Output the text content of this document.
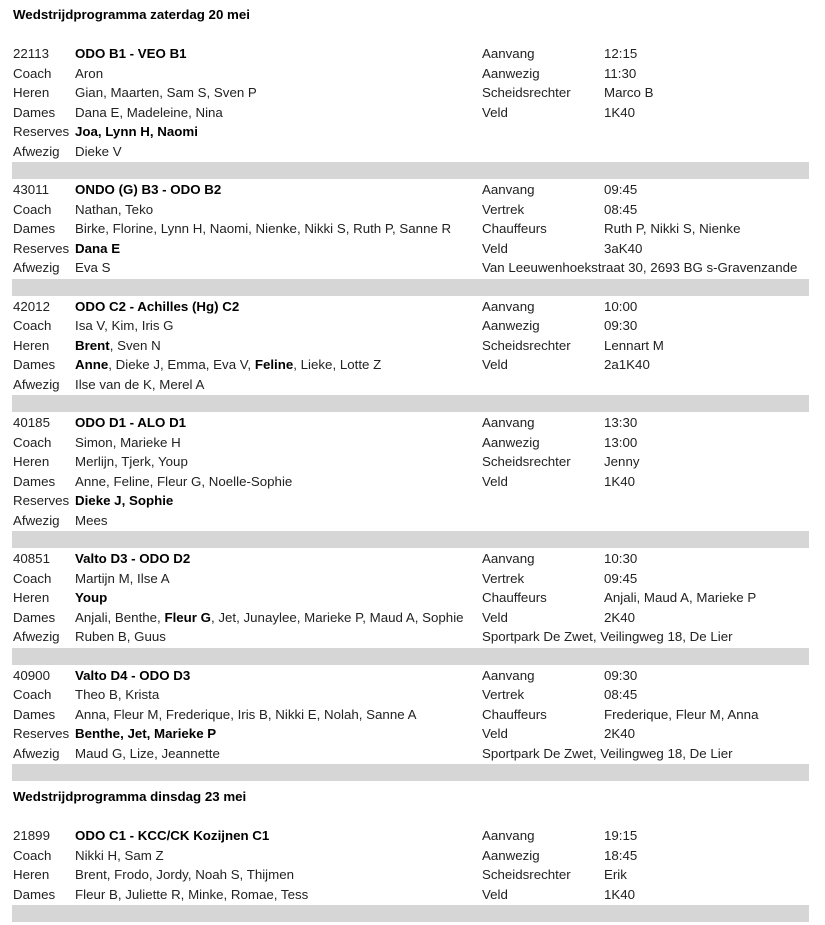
Wedstrijdprogramma zaterdag 20 mei
22113	ODO B1 - VEO B1	Aanvang	12:15
Coach	Aron	Aanwezig	11:30
Heren	Gian, Maarten, Sam S, Sven P	Scheidsrechter	Marco B
Dames	Dana E, Madeleine, Nina	Veld	1K40
Reserves	Joa, Lynn H, Naomi		
Afwezig	Dieke V		
43011	ONDO (G) B3 - ODO B2	Aanvang	09:45
Coach	Nathan, Teko	Vertrek	08:45
Dames	Birke, Florine, Lynn H, Naomi, Nienke, Nikki S, Ruth P, Sanne R	Chauffeurs	Ruth P, Nikki S, Nienke
Reserves	Dana E	Veld	3aK40
Afwezig	Eva S	Van Leeuwenhoekstraat 30, 2693 BG s-Gravenzande	
42012	ODO C2 - Achilles (Hg) C2	Aanvang	10:00
Coach	Isa V, Kim, Iris G	Aanwezig	09:30
Heren	Brent, Sven N	Scheidsrechter	Lennart M
Dames	Anne, Dieke J, Emma, Eva V, Feline, Lieke, Lotte Z	Veld	2a1K40
Afwezig	Ilse van de K, Merel A		
40185	ODO D1 - ALO D1	Aanvang	13:30
Coach	Simon, Marieke H	Aanwezig	13:00
Heren	Merlijn, Tjerk, Youp	Scheidsrechter	Jenny
Dames	Anne, Feline, Fleur G, Noelle-Sophie	Veld	1K40
Reserves	Dieke J, Sophie		
Afwezig	Mees		
40851	Valto D3 - ODO D2	Aanvang	10:30
Coach	Martijn M, Ilse A	Vertrek	09:45
Heren	Youp	Chauffeurs	Anjali, Maud A, Marieke P
Dames	Anjali, Benthe, Fleur G, Jet, Junaylee, Marieke P, Maud A, Sophie	Veld	2K40
Afwezig	Ruben B, Guus	Sportpark De Zwet, Veilingweg 18, De Lier	
40900	Valto D4 - ODO D3	Aanvang	09:30
Coach	Theo B, Krista	Vertrek	08:45
Dames	Anna, Fleur M, Frederique, Iris B, Nikki E, Nolah, Sanne A	Chauffeurs	Frederique, Fleur M, Anna
Reserves	Benthe, Jet, Marieke P	Veld	2K40
Afwezig	Maud G, Lize, Jeannette	Sportpark De Zwet, Veilingweg 18, De Lier	
Wedstrijdprogramma dinsdag 23 mei
21899	ODO C1 - KCC/CK Kozijnen C1	Aanvang	19:15
Coach	Nikki H, Sam Z	Aanwezig	18:45
Heren	Brent, Frodo, Jordy, Noah S, Thijmen	Scheidsrechter	Erik
Dames	Fleur B, Juliette R, Minke, Romae, Tess	Veld	1K40
